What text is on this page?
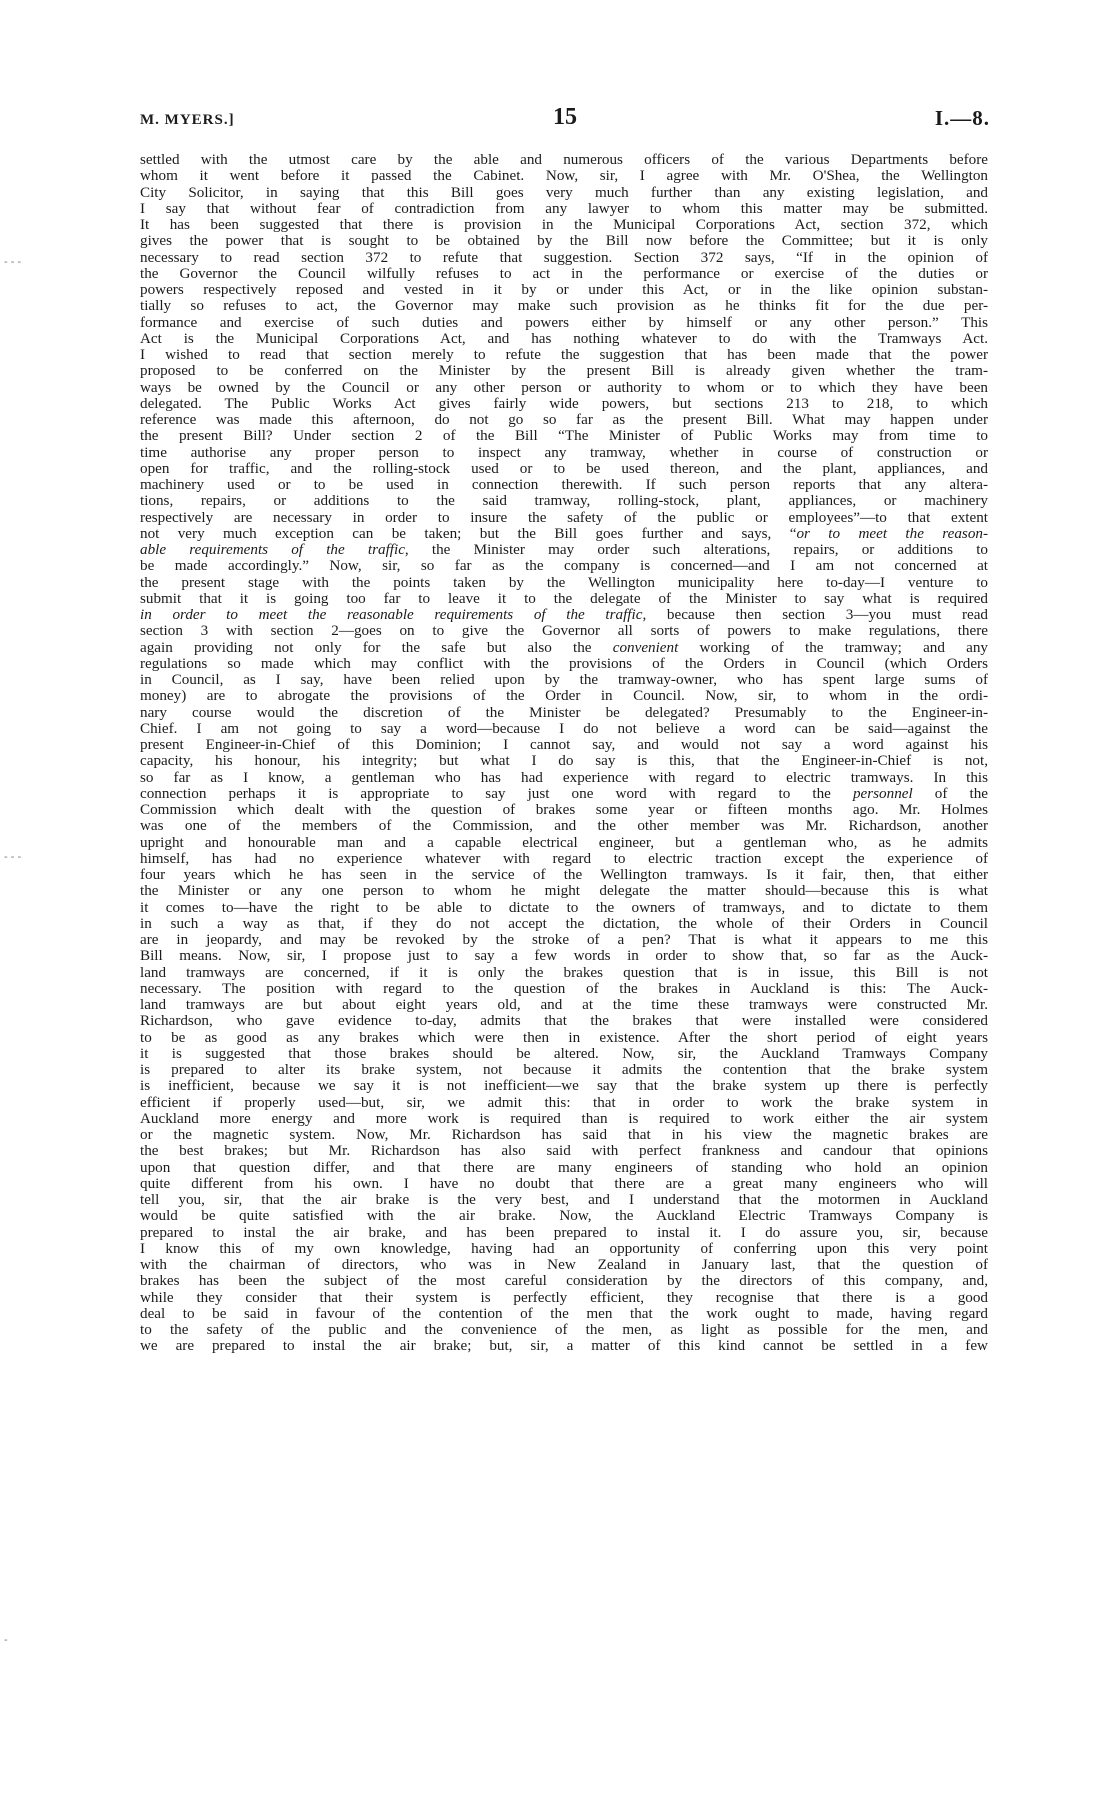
M. MYERS.]	15	I.—8.
- - -
- - -
-
settled with the utmost care by the able and numerous officers of the various Departments before
whom it went before it passed the Cabinet. Now, sir, I agree with Mr. O'Shea, the Wellington
City Solicitor, in saying that this Bill goes very much further than any existing legislation, and
I say that without fear of contradiction from any lawyer to whom this matter may be submitted.
It has been suggested that there is provision in the Municipal Corporations Act, section 372, which
gives the power that is sought to be obtained by the Bill now before the Committee; but it is only
necessary to read section 372 to refute that suggestion. Section 372 says, “If in the opinion of
the Governor the Council wilfully refuses to act in the performance or exercise of the duties or
powers respectively reposed and vested in it by or under this Act, or in the like opinion substan-
tially so refuses to act, the Governor may make such provision as he thinks fit for the due per-
formance and exercise of such duties and powers either by himself or any other person.” This
Act is the Municipal Corporations Act, and has nothing whatever to do with the Tramways Act.
I wished to read that section merely to refute the suggestion that has been made that the power
proposed to be conferred on the Minister by the present Bill is already given whether the tram-
ways be owned by the Council or any other person or authority to whom or to which they have been
delegated. The Public Works Act gives fairly wide powers, but sections 213 to 218, to which
reference was made this afternoon, do not go so far as the present Bill. What may happen under
the present Bill? Under section 2 of the Bill “The Minister of Public Works may from time to
time authorise any proper person to inspect any tramway, whether in course of construction or
open for traffic, and the rolling-stock used or to be used thereon, and the plant, appliances, and
machinery used or to be used in connection therewith. If such person reports that any altera-
tions, repairs, or additions to the said tramway, rolling-stock, plant, appliances, or machinery
respectively are necessary in order to insure the safety of the public or employees”—to that extent
not very much exception can be taken; but the Bill goes further and says, “or to meet the reason-
able requirements of the traffic, the Minister may order such alterations, repairs, or additions to
be made accordingly.” Now, sir, so far as the company is concerned—and I am not concerned at
the present stage with the points taken by the Wellington municipality here to-day—I venture to
submit that it is going too far to leave it to the delegate of the Minister to say what is required
in order to meet the reasonable requirements of the traffic, because then section 3—you must read
section 3 with section 2—goes on to give the Governor all sorts of powers to make regulations, there
again providing not only for the safe but also the convenient working of the tramway; and any
regulations so made which may conflict with the provisions of the Orders in Council (which Orders
in Council, as I say, have been relied upon by the tramway-owner, who has spent large sums of
money) are to abrogate the provisions of the Order in Council. Now, sir, to whom in the ordi-
nary course would the discretion of the Minister be delegated? Presumably to the Engineer-in-
Chief. I am not going to say a word—because I do not believe a word can be said—against the
present Engineer-in-Chief of this Dominion; I cannot say, and would not say a word against his
capacity, his honour, his integrity; but what I do say is this, that the Engineer-in-Chief is not,
so far as I know, a gentleman who has had experience with regard to electric tramways. In this
connection perhaps it is appropriate to say just one word with regard to the personnel of the
Commission which dealt with the question of brakes some year or fifteen months ago. Mr. Holmes
was one of the members of the Commission, and the other member was Mr. Richardson, another
upright and honourable man and a capable electrical engineer, but a gentleman who, as he admits
himself, has had no experience whatever with regard to electric traction except the experience of
four years which he has seen in the service of the Wellington tramways. Is it fair, then, that either
the Minister or any one person to whom he might delegate the matter should—because this is what
it comes to—have the right to be able to dictate to the owners of tramways, and to dictate to them
in such a way as that, if they do not accept the dictation, the whole of their Orders in Council
are in jeopardy, and may be revoked by the stroke of a pen? That is what it appears to me this
Bill means. Now, sir, I propose just to say a few words in order to show that, so far as the Auck-
land tramways are concerned, if it is only the brakes question that is in issue, this Bill is not
necessary. The position with regard to the question of the brakes in Auckland is this: The Auck-
land tramways are but about eight years old, and at the time these tramways were constructed Mr.
Richardson, who gave evidence to-day, admits that the brakes that were installed were considered
to be as good as any brakes which were then in existence. After the short period of eight years
it is suggested that those brakes should be altered. Now, sir, the Auckland Tramways Company
is prepared to alter its brake system, not because it admits the contention that the brake system
is inefficient, because we say it is not inefficient—we say that the brake system up there is perfectly
efficient if properly used—but, sir, we admit this: that in order to work the brake system in
Auckland more energy and more work is required than is required to work either the air system
or the magnetic system. Now, Mr. Richardson has said that in his view the magnetic brakes are
the best brakes; but Mr. Richardson has also said with perfect frankness and candour that opinions
upon that question differ, and that there are many engineers of standing who hold an opinion
quite different from his own. I have no doubt that there are a great many engineers who will
tell you, sir, that the air brake is the very best, and I understand that the motormen in Auckland
would be quite satisfied with the air brake. Now, the Auckland Electric Tramways Company is
prepared to instal the air brake, and has been prepared to instal it. I do assure you, sir, because
I know this of my own knowledge, having had an opportunity of conferring upon this very point
with the chairman of directors, who was in New Zealand in January last, that the question of
brakes has been the subject of the most careful consideration by the directors of this company, and,
while they consider that their system is perfectly efficient, they recognise that there is a good
deal to be said in favour of the contention of the men that the work ought to made, having regard
to the safety of the public and the convenience of the men, as light as possible for the men, and
we are prepared to instal the air brake; but, sir, a matter of this kind cannot be settled in a few
